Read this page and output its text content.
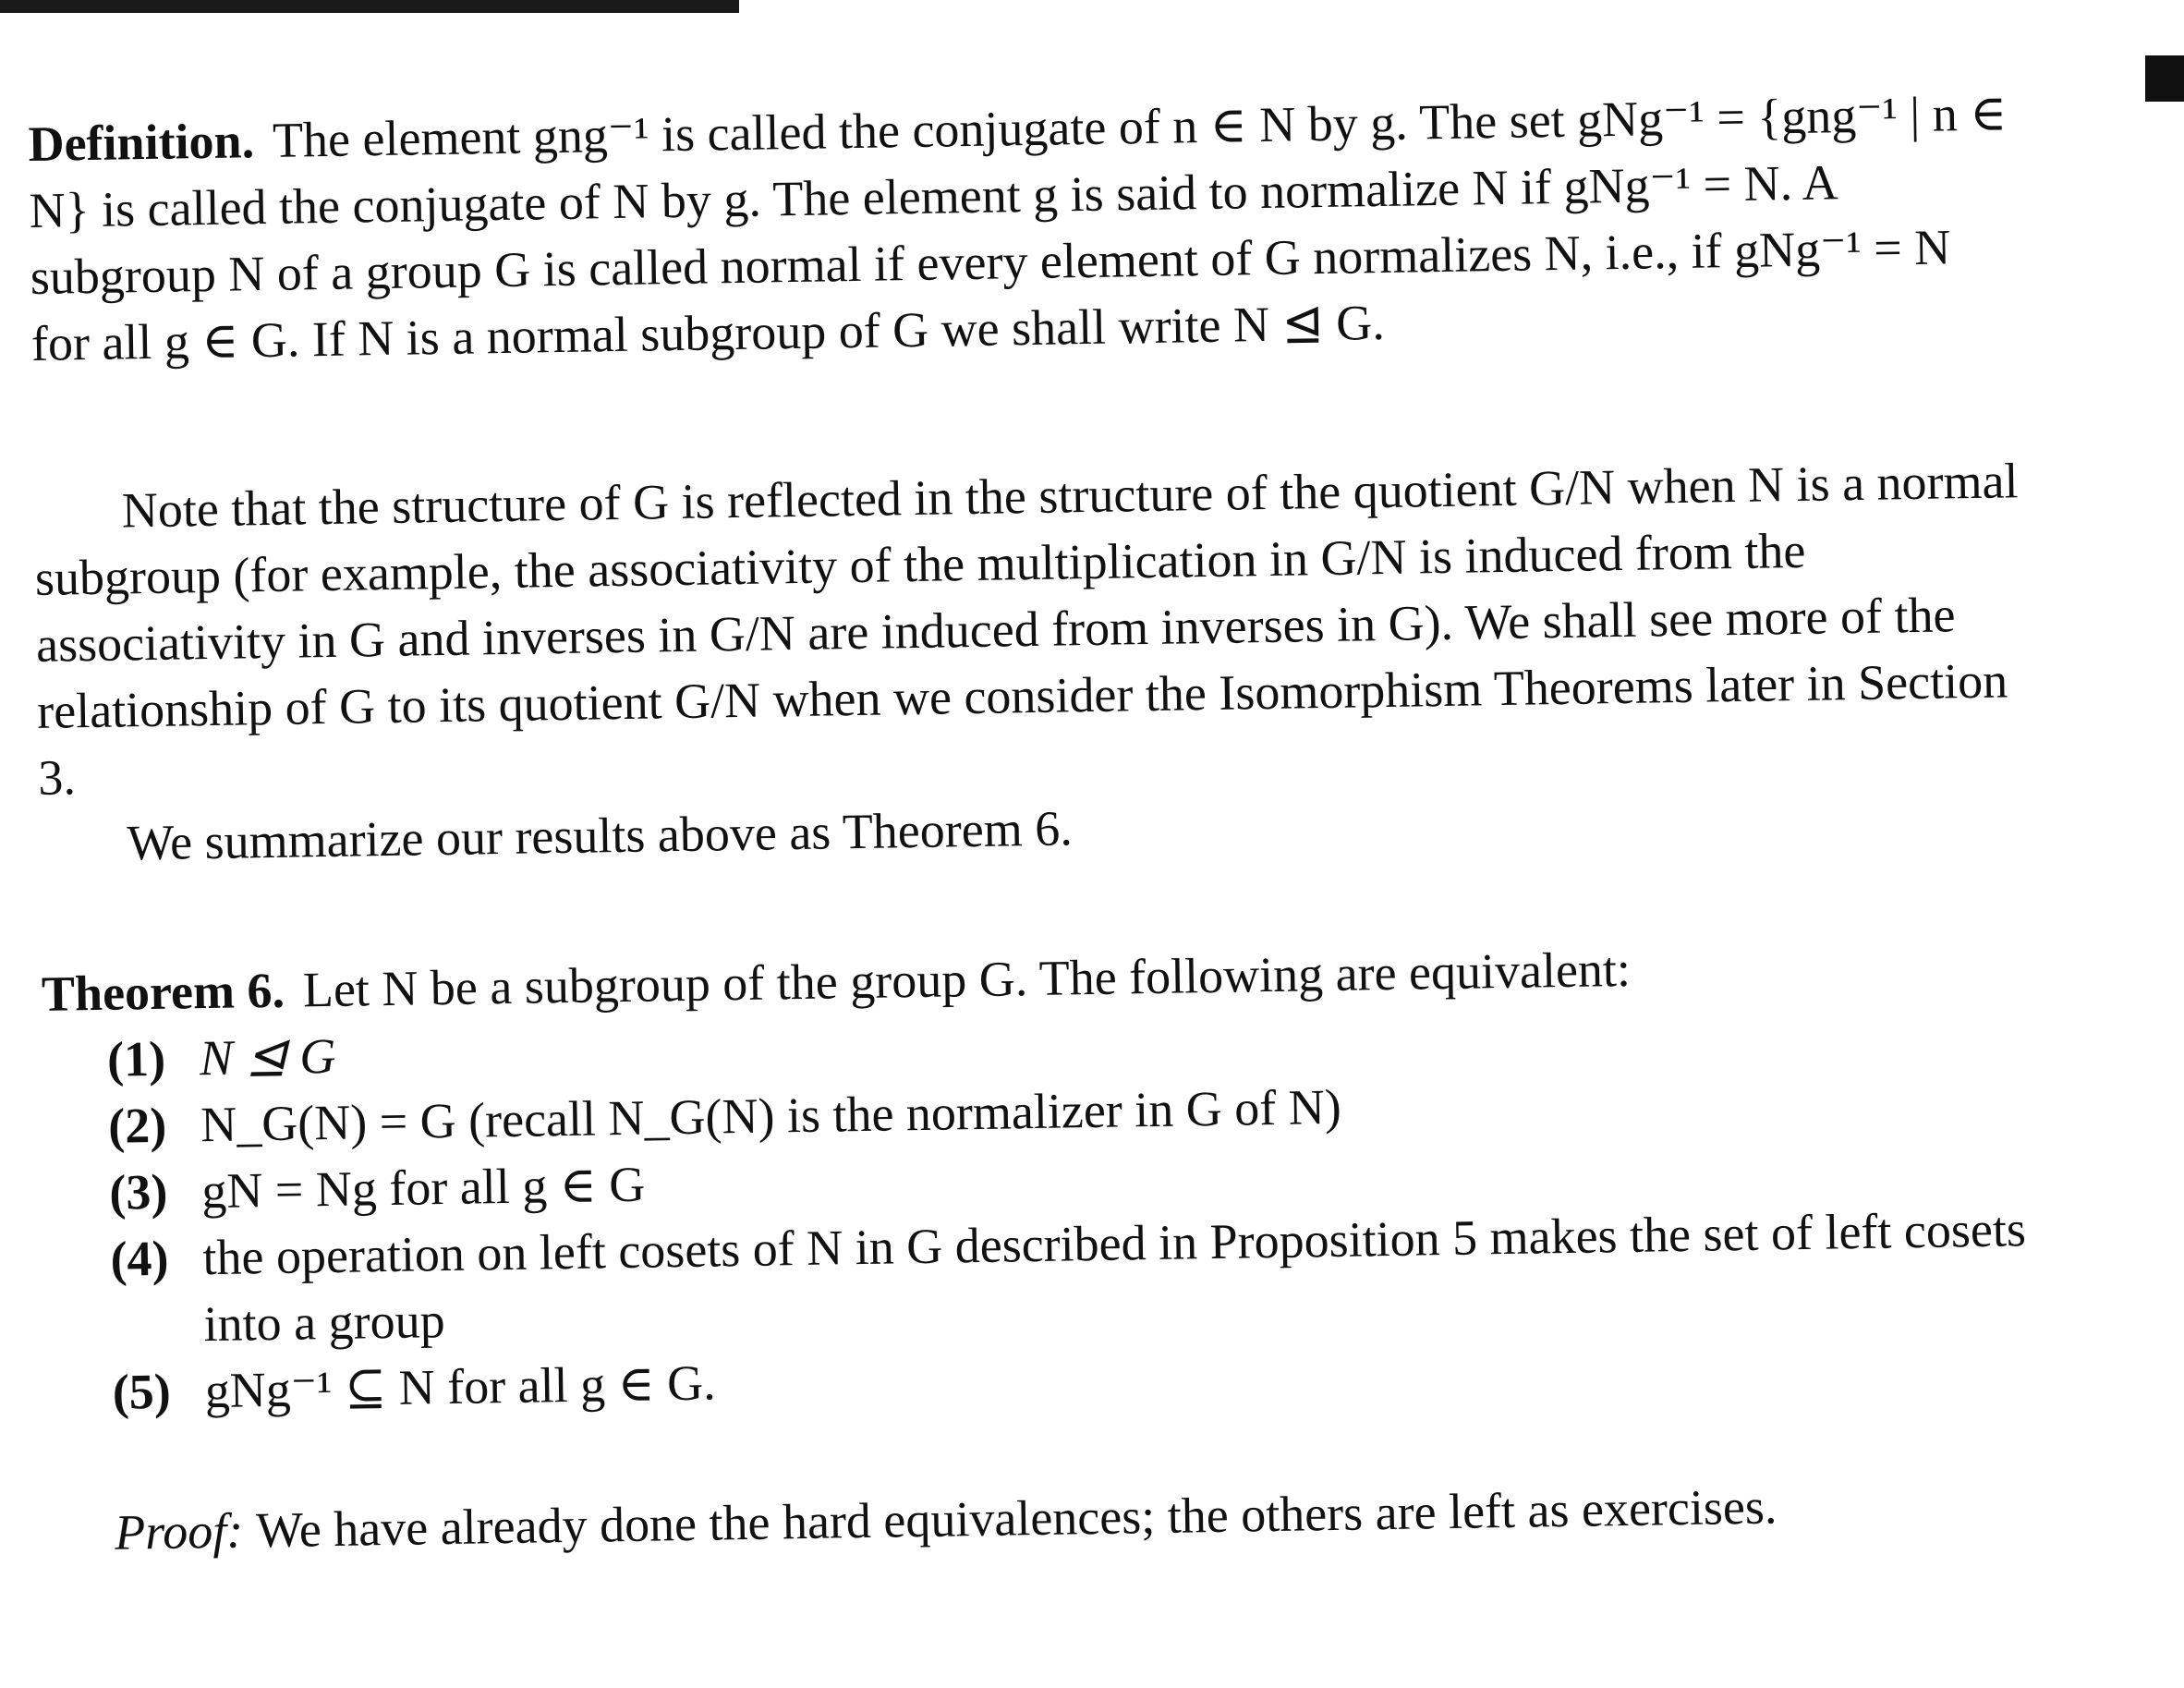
Definition. The element gng⁻¹ is called the conjugate of n ∈ N by g. The set gNg⁻¹ = {gng⁻¹ | n ∈ N} is called the conjugate of N by g. The element g is said to normalize N if gNg⁻¹ = N. A subgroup N of a group G is called normal if every element of G normalizes N, i.e., if gNg⁻¹ = N for all g ∈ G. If N is a normal subgroup of G we shall write N ⊴ G.

Note that the structure of G is reflected in the structure of the quotient G/N when N is a normal subgroup (for example, the associativity of the multiplication in G/N is induced from the associativity in G and inverses in G/N are induced from inverses in G). We shall see more of the relationship of G to its quotient G/N when we consider the Isomorphism Theorems later in Section 3.

We summarize our results above as Theorem 6.

Theorem 6. Let N be a subgroup of the group G. The following are equivalent:

(1) N ⊴ G
(2) N_G(N) = G (recall N_G(N) is the normalizer in G of N)
(3) gN = Ng for all g ∈ G
(4) the operation on left cosets of N in G described in Proposition 5 makes the set of left cosets into a group
(5) gNg⁻¹ ⊆ N for all g ∈ G.

Proof: We have already done the hard equivalences; the others are left as exercises.
